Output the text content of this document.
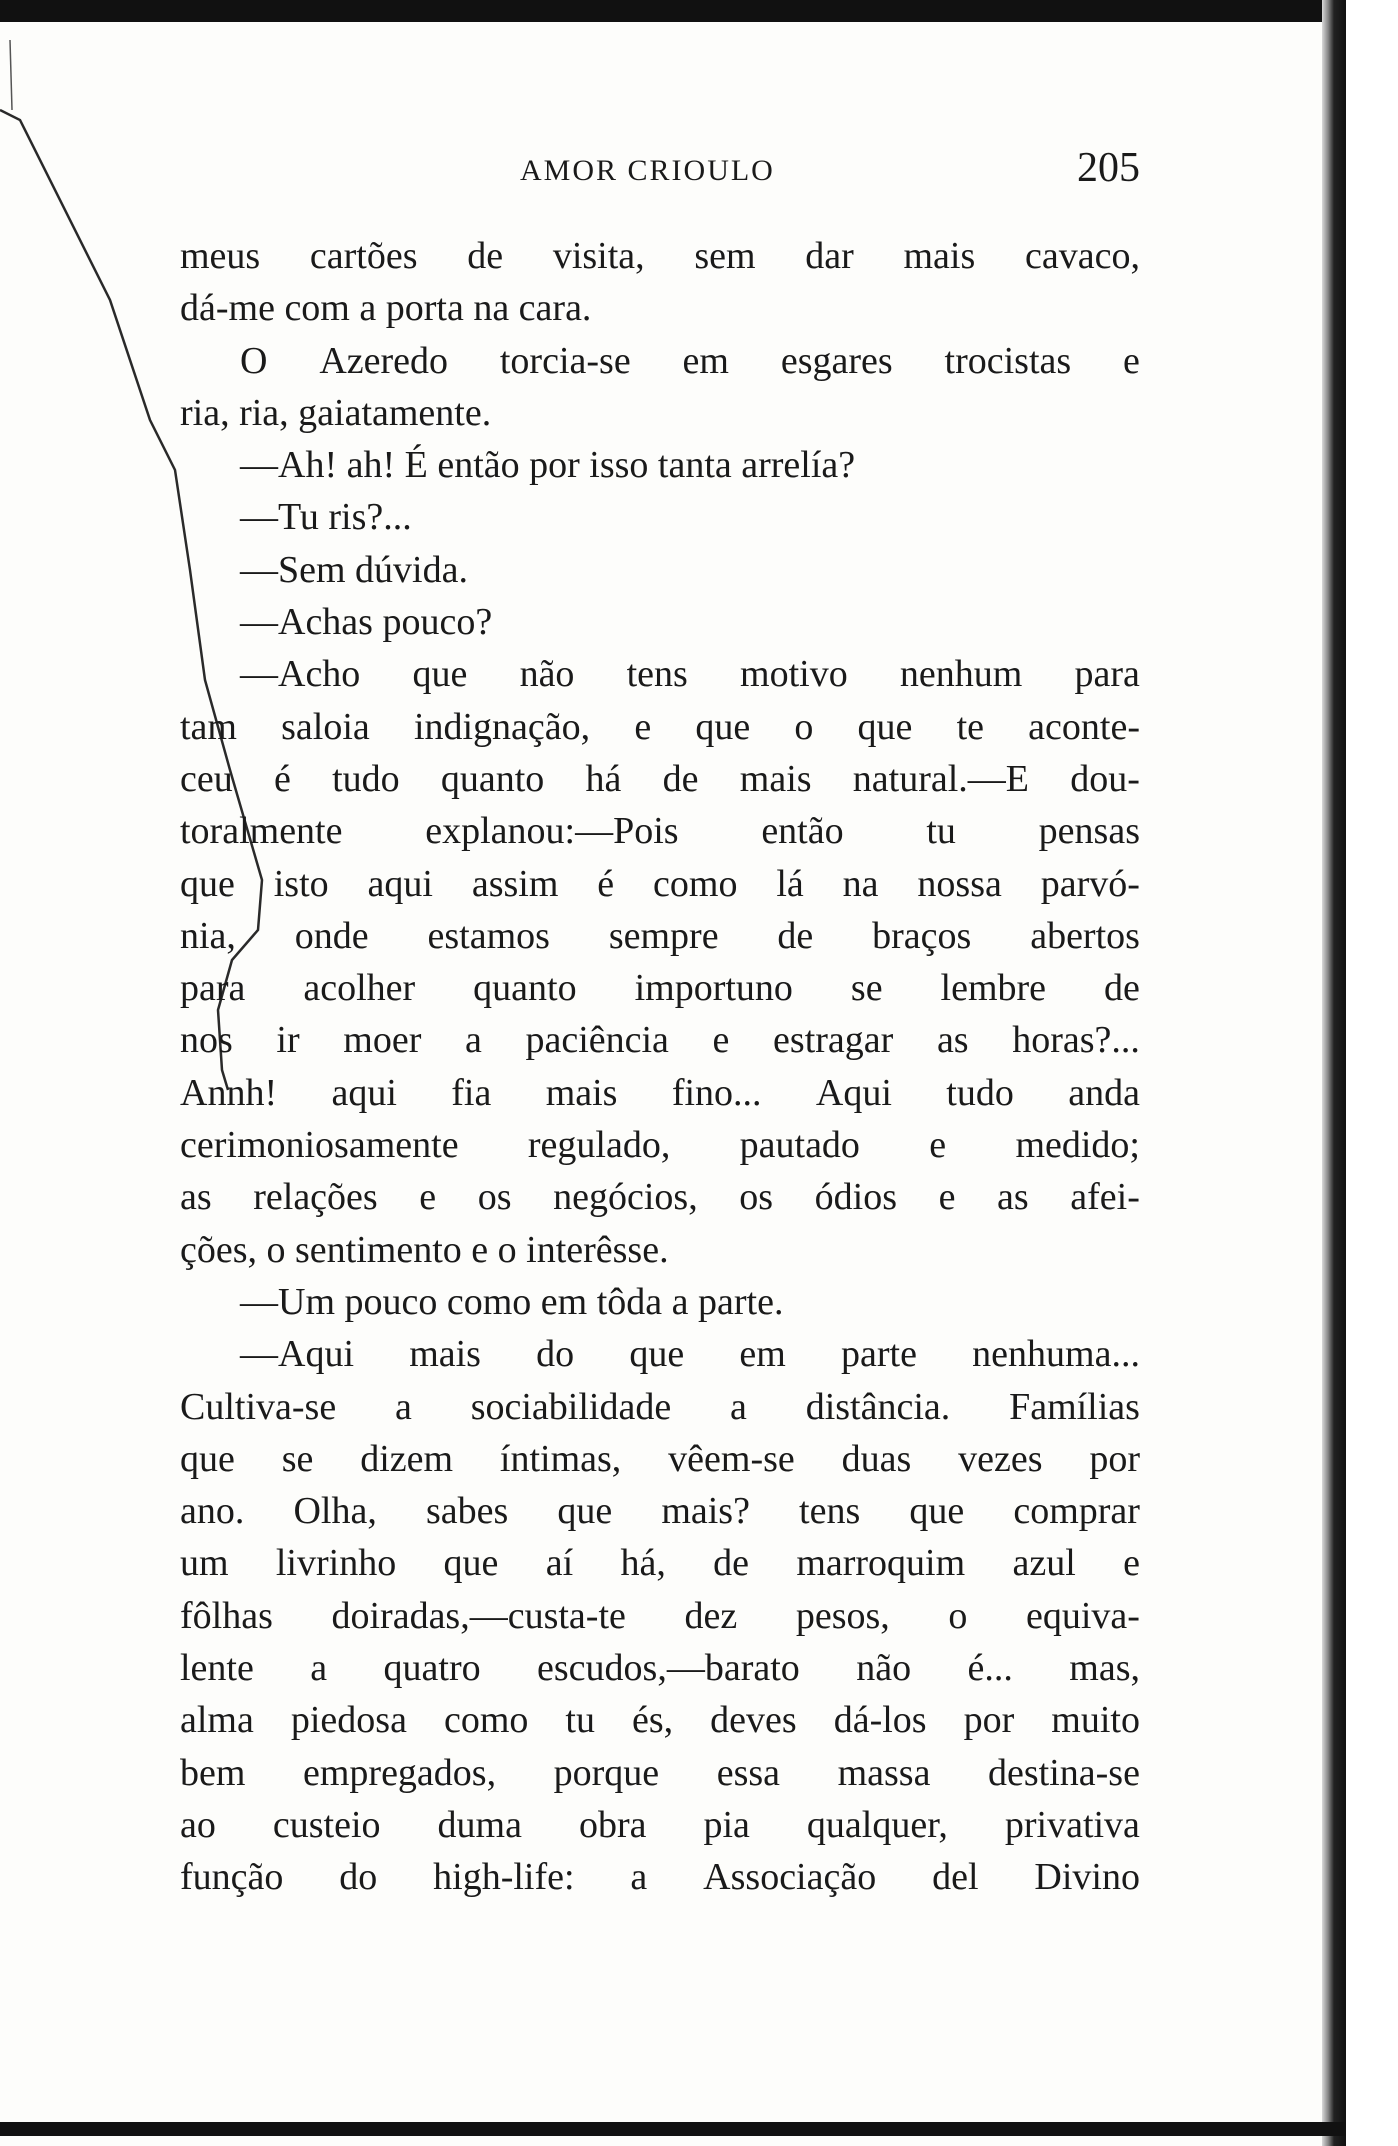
AMOR CRIOULO	205
meus cartões de visita, sem dar mais cavaco,
dá-me com a porta na cara.
O Azeredo torcia-se em esgares trocistas e
ria, ria, gaiatamente.
—Ah! ah! É então por isso tanta arrelía?
—Tu ris?...
—Sem dúvida.
—Achas pouco?
—Acho que não tens motivo nenhum para
tam saloia indignação, e que o que te aconte-
ceu é tudo quanto há de mais natural.—E dou-
toralmente explanou:—Pois então tu pensas
que isto aqui assim é como lá na nossa parvó-
nia, onde estamos sempre de braços abertos
para acolher quanto importuno se lembre de
nos ir moer a paciência e estragar as horas?...
Annh! aqui fia mais fino... Aqui tudo anda
cerimoniosamente regulado, pautado e medido;
as relações e os negócios, os ódios e as afei-
ções, o sentimento e o interêsse.
—Um pouco como em tôda a parte.
—Aqui mais do que em parte nenhuma...
Cultiva-se a sociabilidade a distância. Famílias
que se dizem íntimas, vêem-se duas vezes por
ano. Olha, sabes que mais? tens que comprar
um livrinho que aí há, de marroquim azul e
fôlhas doiradas,—custa-te dez pesos, o equiva-
lente a quatro escudos,—barato não é... mas,
alma piedosa como tu és, deves dá-los por muito
bem empregados, porque essa massa destina-se
ao custeio duma obra pia qualquer, privativa
função do high-life: a Associação del Divino
